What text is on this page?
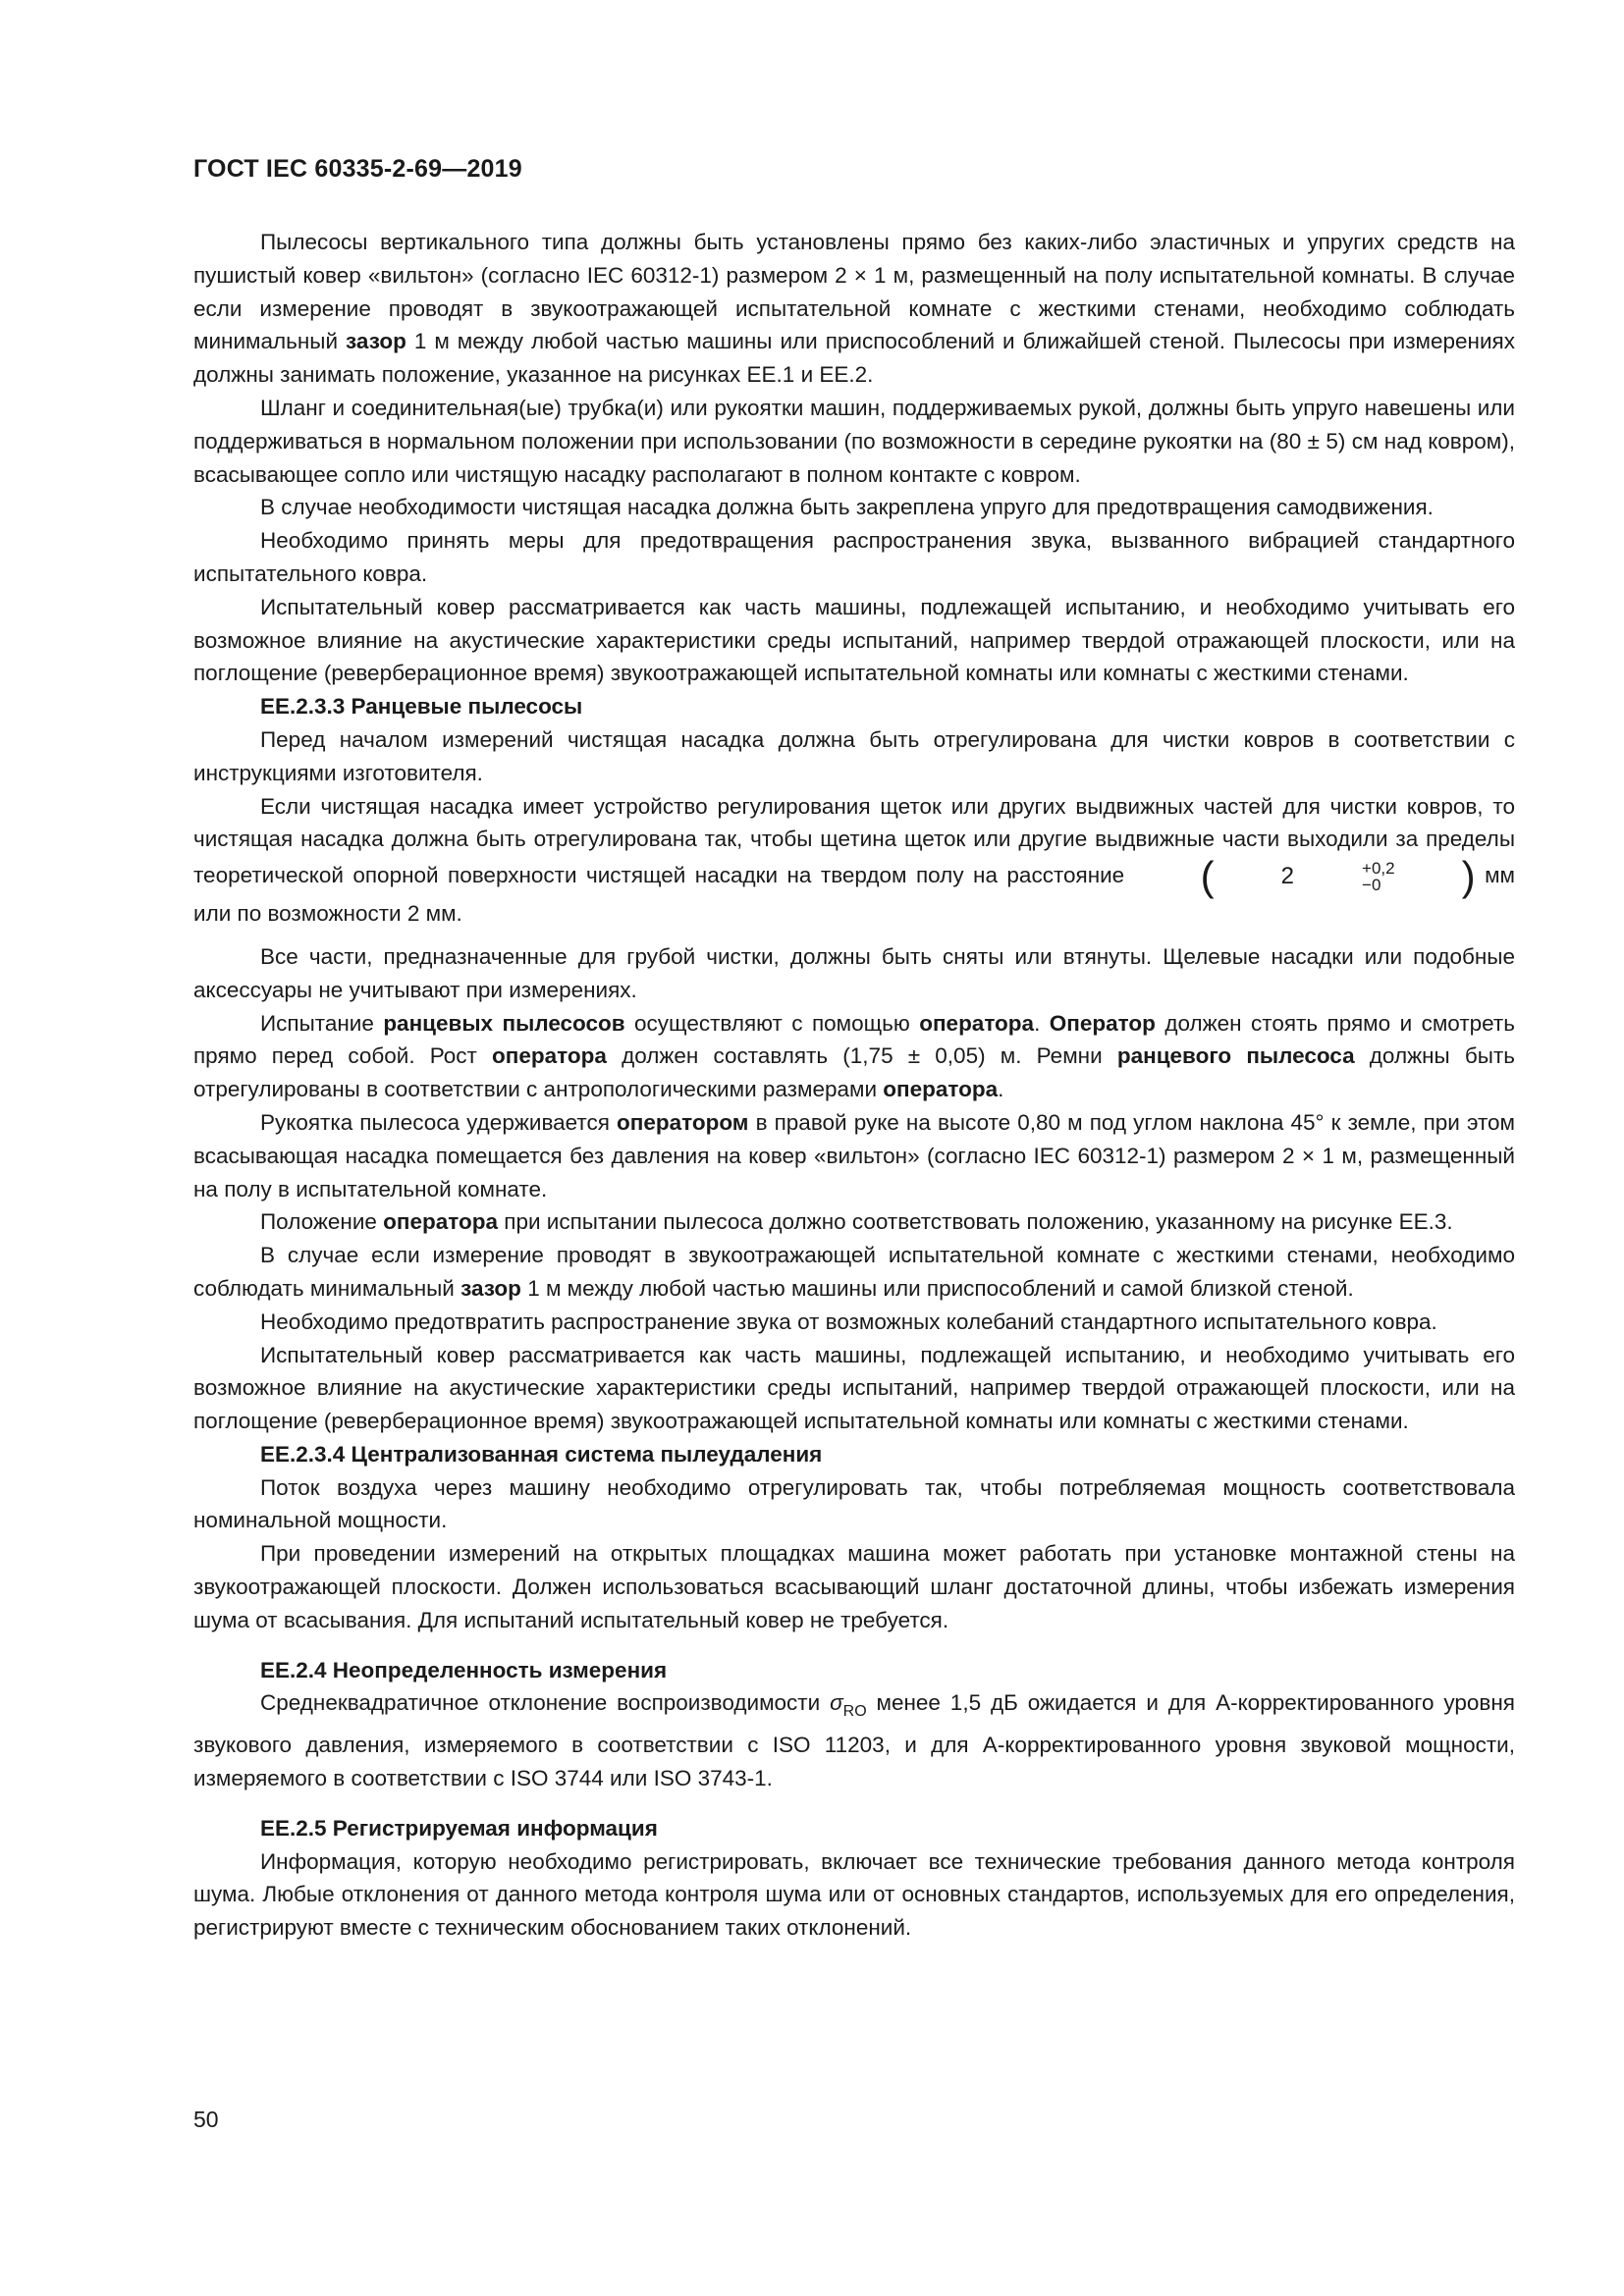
ГОСТ IEC 60335-2-69—2019

Пылесосы вертикального типа должны быть установлены прямо без каких-либо эластичных и упругих средств на пушистый ковер «вильтон» (согласно IEC 60312-1) размером 2 × 1 м, размещенный на полу испытательной комнаты. В случае если измерение проводят в звукоотражающей испытательной комнате с жесткими стенами, необходимо соблюдать минимальный зазор 1 м между любой частью машины или приспособлений и ближайшей стеной. Пылесосы при измерениях должны занимать положение, указанное на рисунках ЕЕ.1 и ЕЕ.2.

Шланг и соединительная(ые) трубка(и) или рукоятки машин, поддерживаемых рукой, должны быть упруго навешены или поддерживаться в нормальном положении при использовании (по возможности в середине рукоятки на (80 ± 5) см над ковром), всасывающее сопло или чистящую насадку располагают в полном контакте с ковром.

В случае необходимости чистящая насадка должна быть закреплена упруго для предотвращения самодвижения.

Необходимо принять меры для предотвращения распространения звука, вызванного вибрацией стандартного испытательного ковра.

Испытательный ковер рассматривается как часть машины, подлежащей испытанию, и необходимо учитывать его возможное влияние на акустические характеристики среды испытаний, например твердой отражающей плоскости, или на поглощение (реверберационное время) звукоотражающей испытательной комнаты или комнаты с жесткими стенами.

ЕЕ.2.3.3 Ранцевые пылесосы

Перед началом измерений чистящая насадка должна быть отрегулирована для чистки ковров в соответствии с инструкциями изготовителя.

Если чистящая насадка имеет устройство регулирования щеток или других выдвижных частей для чистки ковров, то чистящая насадка должна быть отрегулирована так, чтобы щетина щеток или другие выдвижные части выходили за пределы теоретической опорной поверхности чистящей насадки на твердом полу на расстояние	(	2	+0,2
−0	) мм или по возможности 2 мм.

Все части, предназначенные для грубой чистки, должны быть сняты или втянуты. Щелевые насадки или подобные аксессуары не учитывают при измерениях.

Испытание ранцевых пылесосов осуществляют с помощью оператора. Оператор должен стоять прямо и смотреть прямо перед собой. Рост оператора должен составлять (1,75 ± 0,05) м. Ремни ранцевого пылесоса должны быть отрегулированы в соответствии с антропологическими размерами оператора.

Рукоятка пылесоса удерживается оператором в правой руке на высоте 0,80 м под углом наклона 45° к земле, при этом всасывающая насадка помещается без давления на ковер «вильтон» (согласно IEC 60312-1) размером 2 × 1 м, размещенный на полу в испытательной комнате.

Положение оператора при испытании пылесоса должно соответствовать положению, указанному на рисунке ЕЕ.3.

В случае если измерение проводят в звукоотражающей испытательной комнате с жесткими стенами, необходимо соблюдать минимальный зазор 1 м между любой частью машины или приспособлений и самой близкой стеной.

Необходимо предотвратить распространение звука от возможных колебаний стандартного испытательного ковра.

Испытательный ковер рассматривается как часть машины, подлежащей испытанию, и необходимо учитывать его возможное влияние на акустические характеристики среды испытаний, например твердой отражающей плоскости, или на поглощение (реверберационное время) звукоотражающей испытательной комнаты или комнаты с жесткими стенами.

ЕЕ.2.3.4 Централизованная система пылеудаления

Поток воздуха через машину необходимо отрегулировать так, чтобы потребляемая мощность соответствовала номинальной мощности.

При проведении измерений на открытых площадках машина может работать при установке монтажной стены на звукоотражающей плоскости. Должен использоваться всасывающий шланг достаточной длины, чтобы избежать измерения шума от всасывания. Для испытаний испытательный ковер не требуется.

ЕЕ.2.4 Неопределенность измерения

Среднеквадратичное отклонение воспроизводимости $\sigma_{RO}$ менее 1,5 дБ ожидается и для А-корректированного уровня звукового давления, измеряемого в соответствии с ISO 11203, и для А-корректированного уровня звуковой мощности, измеряемого в соответствии с ISO 3744 или ISO 3743-1.

ЕЕ.2.5 Регистрируемая информация

Информация, которую необходимо регистрировать, включает все технические требования данного метода контроля шума. Любые отклонения от данного метода контроля шума или от основных стандартов, используемых для его определения, регистрируют вместе с техническим обоснованием таких отклонений.

50
